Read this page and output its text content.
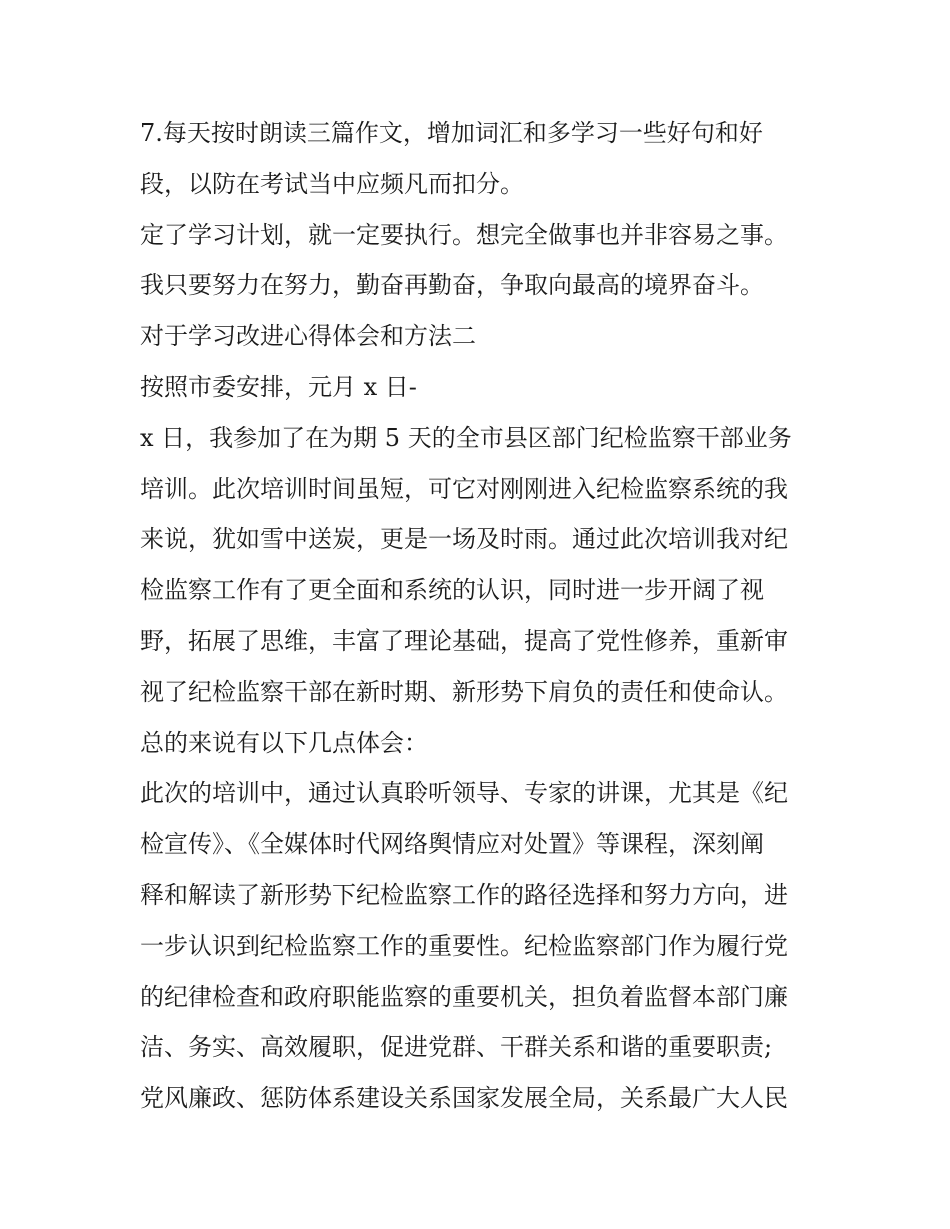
7.每天按时朗读三篇作文，增加词汇和多学习一些好句和好
段，以防在考试当中应频凡而扣分。
定了学习计划，就一定要执行。想完全做事也并非容易之事。
我只要努力在努力，勤奋再勤奋，争取向最高的境界奋斗。
对于学习改进心得体会和方法二
按照市委安排，元月 x 日-
x 日，我参加了在为期 5 天的全市县区部门纪检监察干部业务
培训。此次培训时间虽短，可它对刚刚进入纪检监察系统的我
来说，犹如雪中送炭，更是一场及时雨。通过此次培训我对纪
检监察工作有了更全面和系统的认识，同时进一步开阔了视
野，拓展了思维，丰富了理论基础，提高了党性修养，重新审
视了纪检监察干部在新时期、新形势下肩负的责任和使命认。
总的来说有以下几点体会：
此次的培训中，通过认真聆听领导、专家的讲课，尤其是《纪
检宣传》、《全媒体时代网络舆情应对处置》等课程，深刻阐
释和解读了新形势下纪检监察工作的路径选择和努力方向，进
一步认识到纪检监察工作的重要性。纪检监察部门作为履行党
的纪律检查和政府职能监察的重要机关，担负着监督本部门廉
洁、务实、高效履职，促进党群、干群关系和谐的重要职责;
党风廉政、惩防体系建设关系国家发展全局，关系最广大人民
